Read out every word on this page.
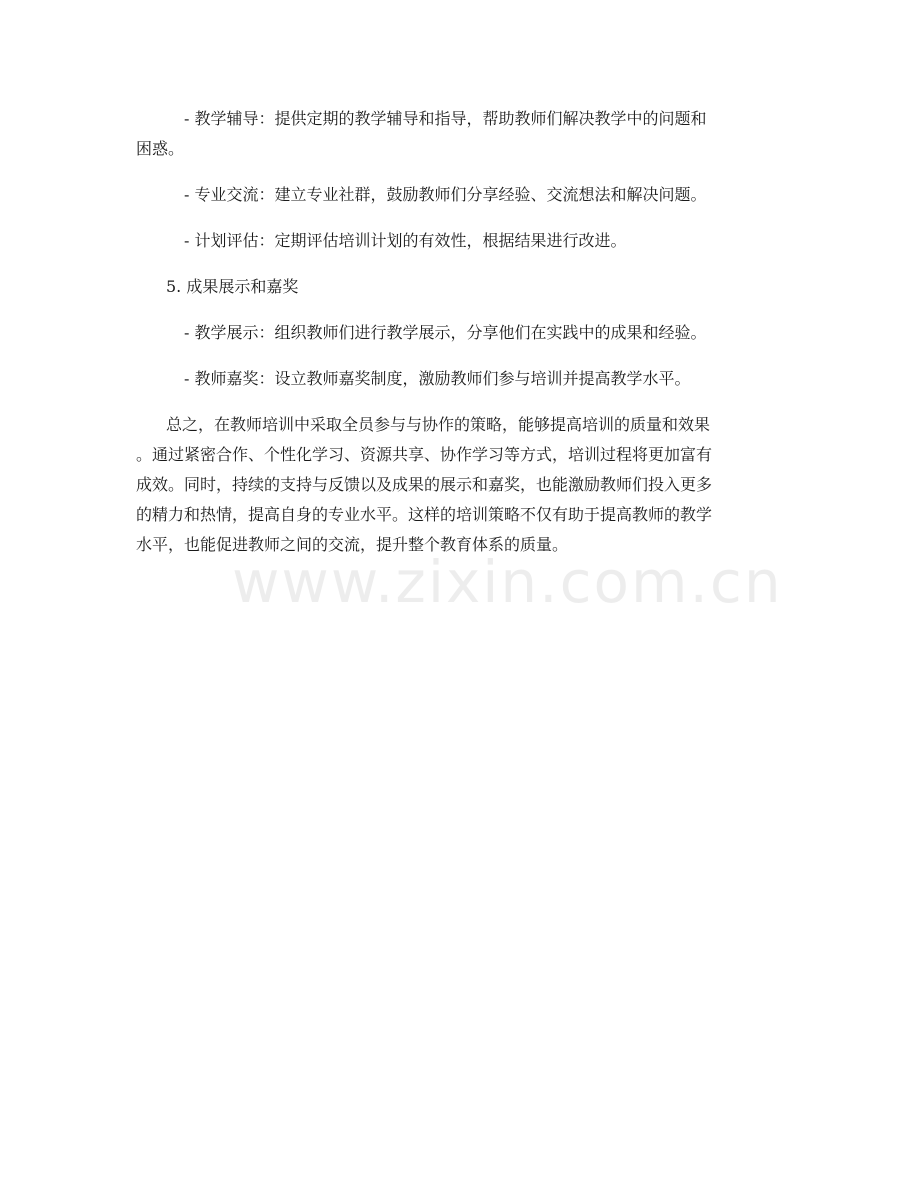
- 教学辅导：提供定期的教学辅导和指导，帮助教师们解决教学中的问题和
困惑。
- 专业交流：建立专业社群，鼓励教师们分享经验、交流想法和解决问题。
- 计划评估：定期评估培训计划的有效性，根据结果进行改进。
5. 成果展示和嘉奖
- 教学展示：组织教师们进行教学展示，分享他们在实践中的成果和经验。
- 教师嘉奖：设立教师嘉奖制度，激励教师们参与培训并提高教学水平。
总之，在教师培训中采取全员参与与协作的策略，能够提高培训的质量和效果
。通过紧密合作、个性化学习、资源共享、协作学习等方式，培训过程将更加富有
成效。同时，持续的支持与反馈以及成果的展示和嘉奖，也能激励教师们投入更多
的精力和热情，提高自身的专业水平。这样的培训策略不仅有助于提高教师的教学
水平，也能促进教师之间的交流，提升整个教育体系的质量。
www.zixin.com.cn
